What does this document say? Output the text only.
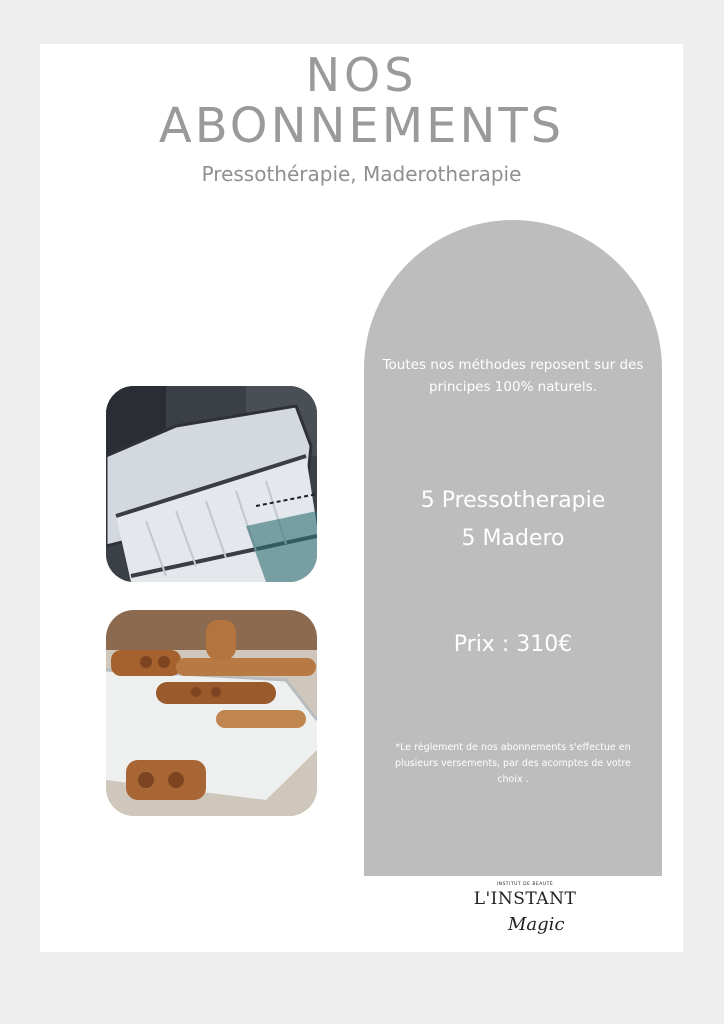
NOS
ABONNEMENTS
Pressothérapie, Maderotherapie
Toutes nos méthodes reposent sur des
principes 100% naturels.
5 Pressotherapie
5 Madero
Prix : 310€
*Le règlement de nos abonnements s'effectue en
plusieurs versements, par des acomptes de votre
choix .
INSTITUT DE BEAUTÉ
L'INSTANT
Magic
